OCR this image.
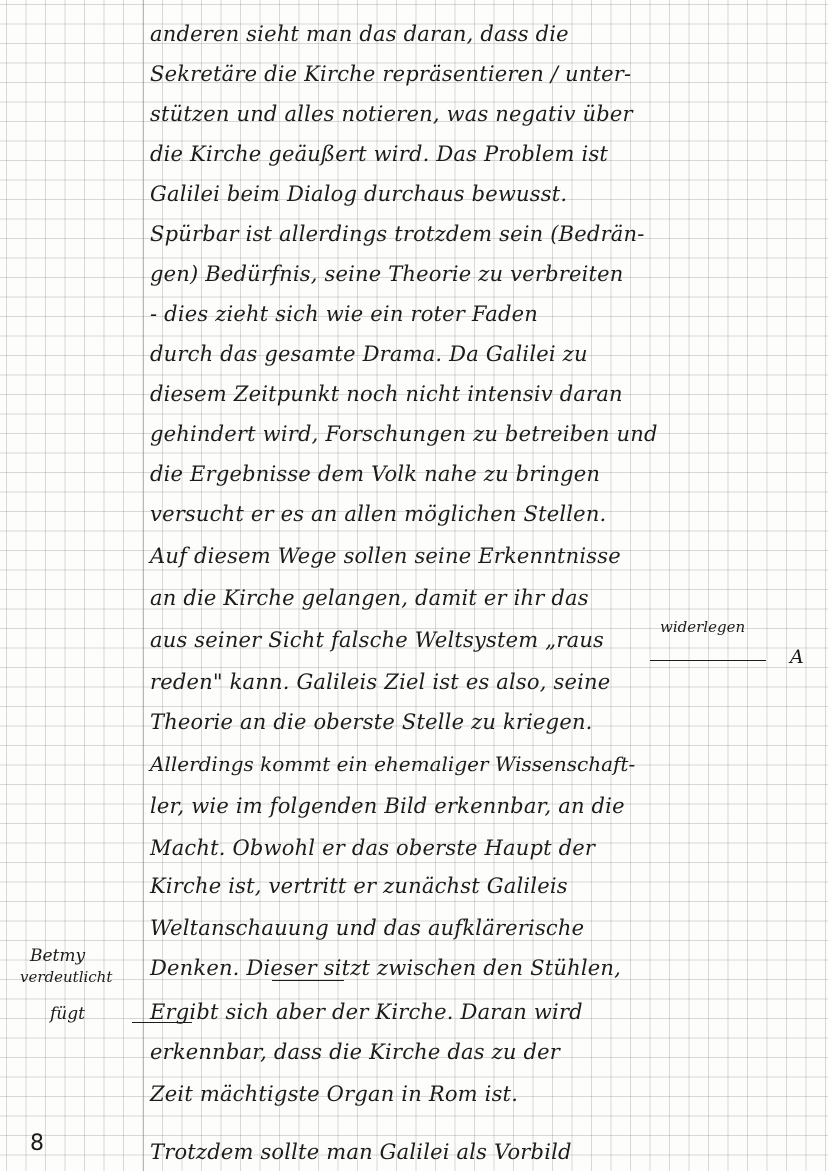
anderen sieht man das daran, dass die
Sekretäre die Kirche repräsentieren / unter-
stützen und alles notieren, was negativ über
die Kirche geäußert wird. Das Problem ist
Galilei beim Dialog durchaus bewusst.
Spürbar ist allerdings trotzdem sein (Bedrän-
gen) Bedürfnis, seine Theorie zu verbreiten
- dies zieht sich wie ein roter Faden
durch das gesamte Drama. Da Galilei zu
diesem Zeitpunkt noch nicht intensiv daran
gehindert wird, Forschungen zu betreiben und
die Ergebnisse dem Volk nahe zu bringen
versucht er es an allen möglichen Stellen.
Auf diesem Wege sollen seine Erkenntnisse
an die Kirche gelangen, damit er ihr das
aus seiner Sicht falsche Weltsystem „raus
reden" kann. Galileis Ziel ist es also, seine
Theorie an die oberste Stelle zu kriegen.
Allerdings kommt ein ehemaliger Wissenschaft-
ler, wie im folgenden Bild erkennbar, an die
Macht. Obwohl er das oberste Haupt der
Kirche ist, vertritt er zunächst Galileis
Weltanschauung und das aufklärerische
Denken. Dieser sitzt zwischen den Stühlen,
Ergibt sich aber der Kirche. Daran wird
erkennbar, dass die Kirche das zu der
Zeit mächtigste Organ in Rom ist.
Trotzdem sollte man Galilei als Vorbild
widerlegen
A
Betmy
verdeutlicht
fügt
8
